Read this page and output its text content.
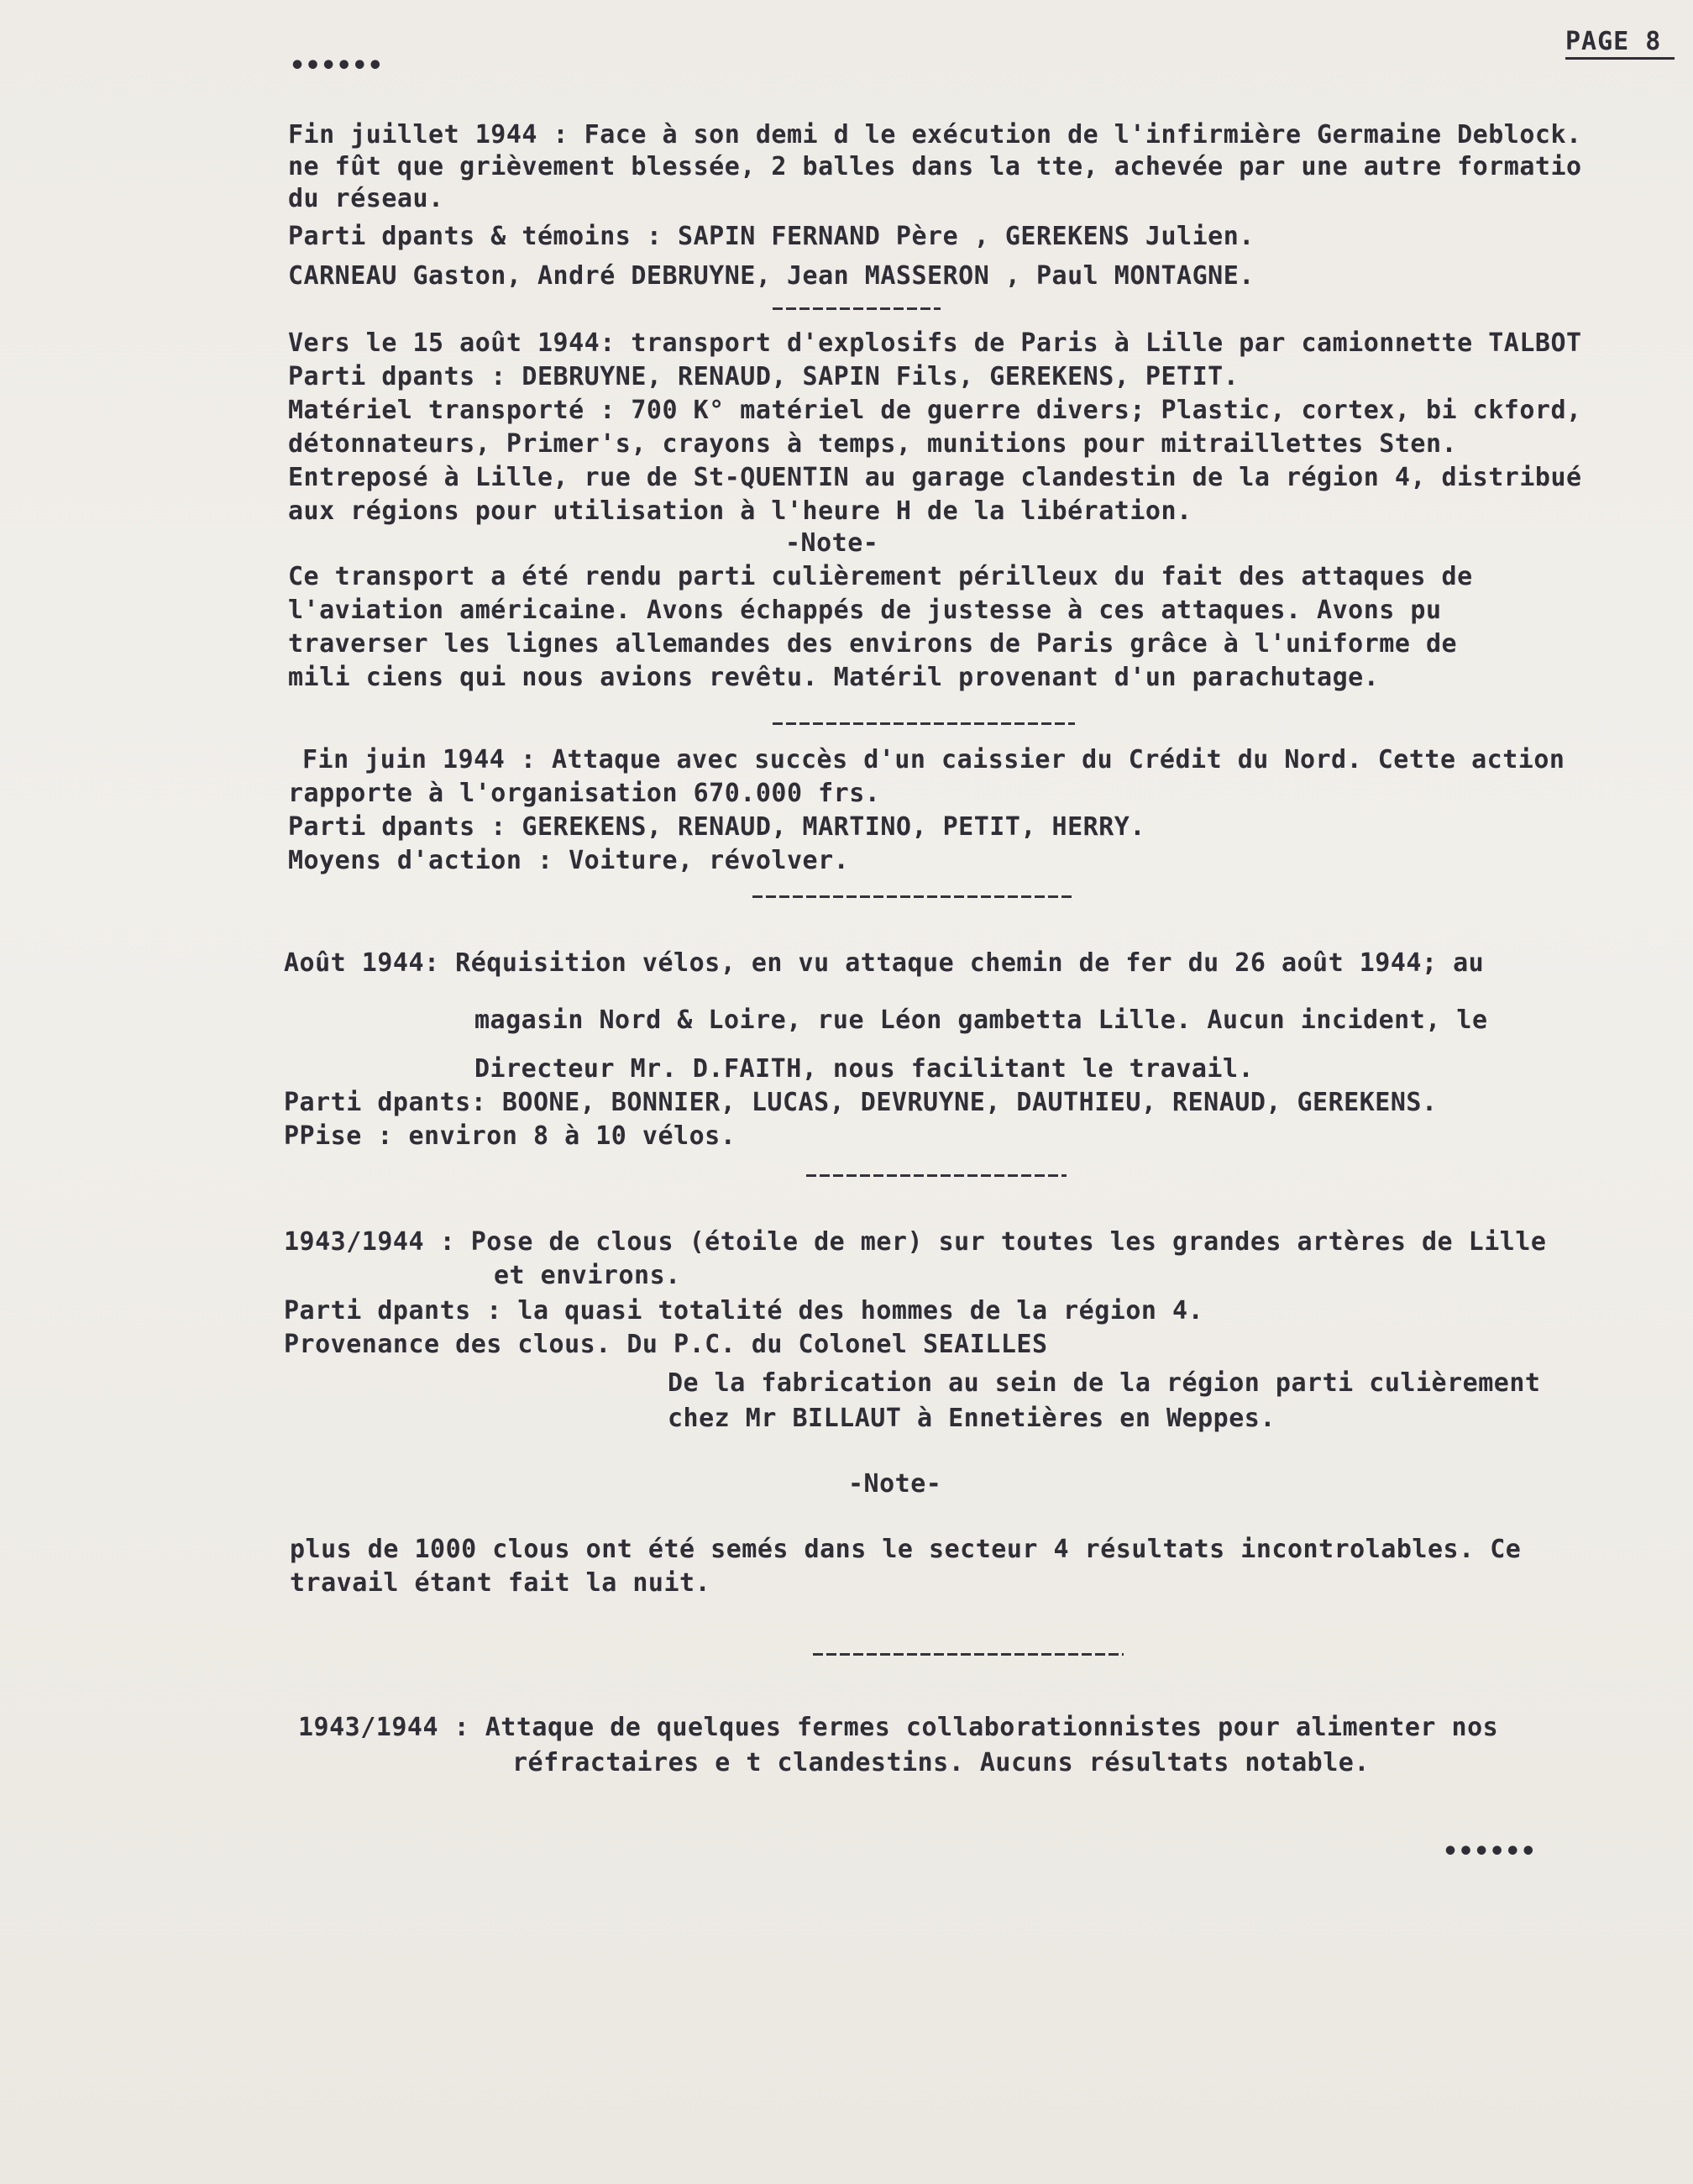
••••••
PAGE 8
Fin juillet 1944 : Face à son demi d le exécution de l'infirmière Germaine Deblock.
ne fût que grièvement blessée, 2 balles dans la tte, achevée par une autre formatio
du réseau.
Parti dpants & témoins : SAPIN FERNAND Père , GEREKENS Julien.
CARNEAU Gaston, André DEBRUYNE, Jean MASSERON , Paul MONTAGNE.
Vers le 15 août 1944: transport d'explosifs de Paris à Lille par camionnette TALBOT
Parti dpants : DEBRUYNE, RENAUD, SAPIN Fils, GEREKENS, PETIT.
Matériel transporté : 700 K° matériel de guerre divers; Plastic, cortex, bi ckford,
détonnateurs, Primer's, crayons à temps, munitions pour mitraillettes Sten.
Entreposé à Lille, rue de St-QUENTIN au garage clandestin de la région 4, distribué
aux régions pour utilisation à l'heure H de la libération.
-Note-
Ce transport a été rendu parti culièrement périlleux du fait des attaques de
l'aviation américaine. Avons échappés de justesse à ces attaques. Avons pu
traverser les lignes allemandes des environs de Paris grâce à l'uniforme de
mili ciens qui nous avions revêtu. Matéril provenant d'un parachutage.
Fin juin 1944 : Attaque avec succès d'un caissier du Crédit du Nord. Cette action
rapporte à l'organisation 670.000 frs.
Parti dpants : GEREKENS, RENAUD, MARTINO, PETIT, HERRY.
Moyens d'action : Voiture, révolver.
Août 1944: Réquisition vélos, en vu attaque chemin de fer du 26 août 1944; au
magasin Nord & Loire, rue Léon gambetta Lille. Aucun incident, le
Directeur Mr. D.FAITH, nous facilitant le travail.
Parti dpants: BOONE, BONNIER, LUCAS, DEVRUYNE, DAUTHIEU, RENAUD, GEREKENS.
PPise : environ 8 à 10 vélos.
1943/1944 : Pose de clous (étoile de mer) sur toutes les grandes artères de Lille
et environs.
Parti dpants : la quasi totalité des hommes de la région 4.
Provenance des clous. Du P.C. du Colonel SEAILLES
De la fabrication au sein de la région parti culièrement
chez Mr BILLAUT à Ennetières en Weppes.
-Note-
plus de 1000 clous ont été semés dans le secteur 4 résultats incontrolables. Ce
travail étant fait la nuit.
1943/1944 : Attaque de quelques fermes collaborationnistes pour alimenter nos
réfractaires e t clandestins. Aucuns résultats notable.
••••••
